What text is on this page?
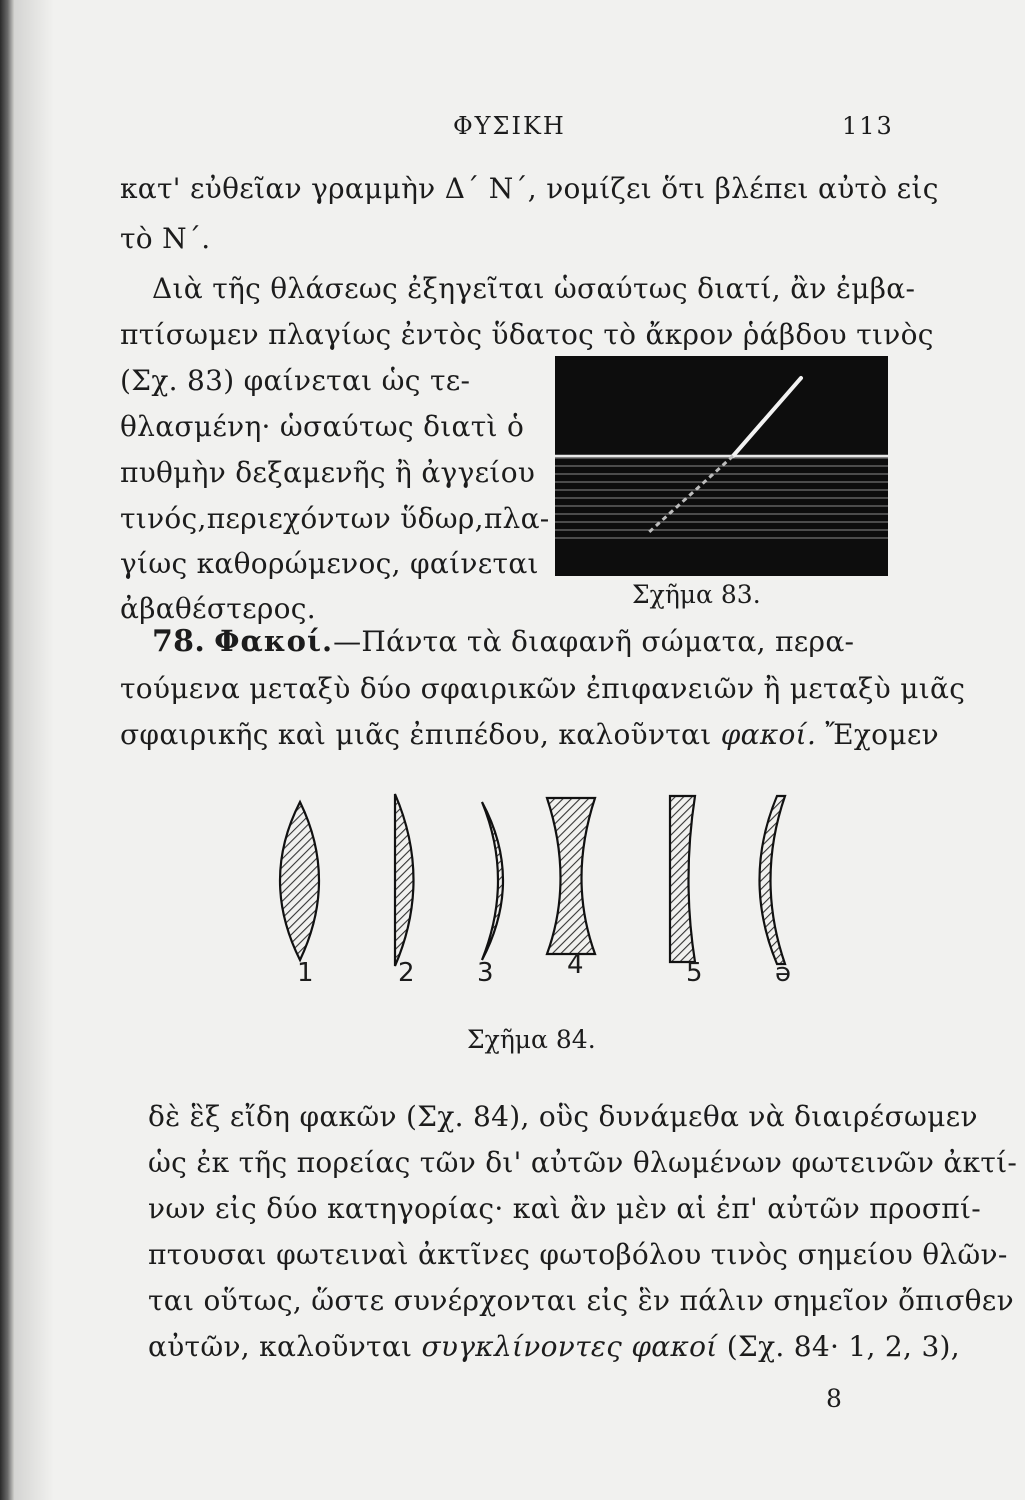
ΦΥΣΙΚΗ	113
κατ' εὐθεῖαν γραμμὴν Δ΄ Ν΄, νομίζει ὅτι βλέπει αὐτὸ εἰς
τὸ Ν΄.
Διὰ τῆς θλάσεως ἐξηγεῖται ὡσαύτως διατί, ἂν ἐμβα-
πτίσωμεν πλαγίως ἐντὸς ὕδατος τὸ ἄκρον ῥάβδου τινὸς
(Σχ. 83) φαίνεται ὡς τε-
θλασμένη· ὡσαύτως διατὶ ὁ
πυθμὴν δεξαμενῆς ἢ ἀγγείου
τινός,περιεχόντων ὕδωρ,πλα-
γίως καθορώμενος, φαίνεται
ἀβαθέστερος.	Σχῆμα 83.
78. Φακοί.—Πάντα τὰ διαφανῆ σώματα, περα-
τούμενα μεταξὺ δύο σφαιρικῶν ἐπιφανειῶν ἢ μεταξὺ μιᾶς
σφαιρικῆς καὶ μιᾶς ἐπιπέδου, καλοῦνται φακοί. Ἔχομεν
1	2 3	4	5	ə
Σχῆμα 84.
δὲ ἓξ εἴδη φακῶν (Σχ. 84), οὓς δυνάμεθα νὰ διαιρέσωμεν
ὡς ἐκ τῆς πορείας τῶν δι' αὐτῶν θλωμένων φωτεινῶν ἀκτί-
νων εἰς δύο κατηγορίας· καὶ ἂν μὲν αἱ ἐπ' αὐτῶν προσπί-
πτουσαι φωτειναὶ ἀκτῖνες φωτοβόλου τινὸς σημείου θλῶν-
ται οὕτως, ὥστε συνέρχονται εἰς ἓν πάλιν σημεῖον ὄπισθεν
αὐτῶν, καλοῦνται συγκλίνοντες φακοί (Σχ. 84· 1, 2, 3),
8
